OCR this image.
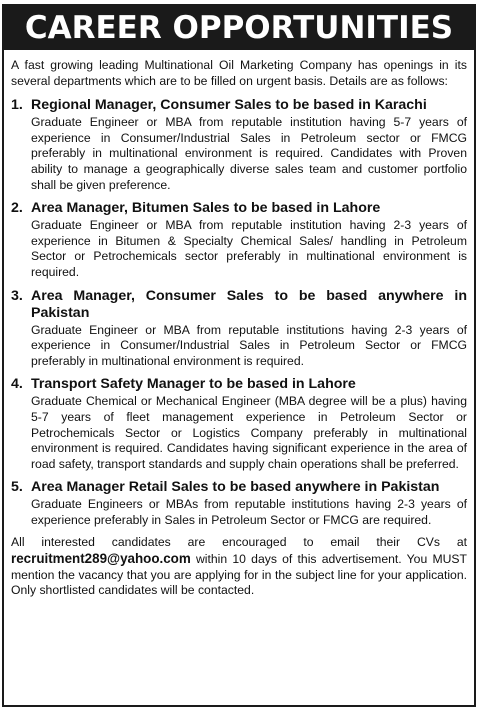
CAREER OPPORTUNITIES
A fast growing leading Multinational Oil Marketing Company has openings in its several departments which are to be filled on urgent basis. Details are as follows:
1. Regional Manager, Consumer Sales to be based in Karachi
Graduate Engineer or MBA from reputable institution having 5-7 years of experience in Consumer/Industrial Sales in Petroleum sector or FMCG preferably in multinational environment is required. Candidates with Proven ability to manage a geographically diverse sales team and customer portfolio shall be given preference.
2. Area Manager, Bitumen Sales to be based in Lahore
Graduate Engineer or MBA from reputable institution having 2-3 years of experience in Bitumen & Specialty Chemical Sales/ handling in Petroleum Sector or Petrochemicals sector preferably in multinational environment is required.
3. Area Manager, Consumer Sales to be based anywhere in Pakistan
Graduate Engineer or MBA from reputable institutions having 2-3 years of experience in Consumer/Industrial Sales in Petroleum Sector or FMCG preferably in multinational environment is required.
4. Transport Safety Manager to be based in Lahore
Graduate Chemical or Mechanical Engineer (MBA degree will be a plus) having 5-7 years of fleet management experience in Petroleum Sector or Petrochemicals Sector or Logistics Company preferably in multinational environment is required. Candidates having significant experience in the area of road safety, transport standards and supply chain operations shall be preferred.
5. Area Manager Retail Sales to be based anywhere in Pakistan
Graduate Engineers or MBAs from reputable institutions having 2-3 years of experience preferably in Sales in Petroleum Sector or FMCG are required.
All interested candidates are encouraged to email their CVs at recruitment289@yahoo.com within 10 days of this advertisement. You MUST mention the vacancy that you are applying for in the subject line for your application. Only shortlisted candidates will be contacted.
